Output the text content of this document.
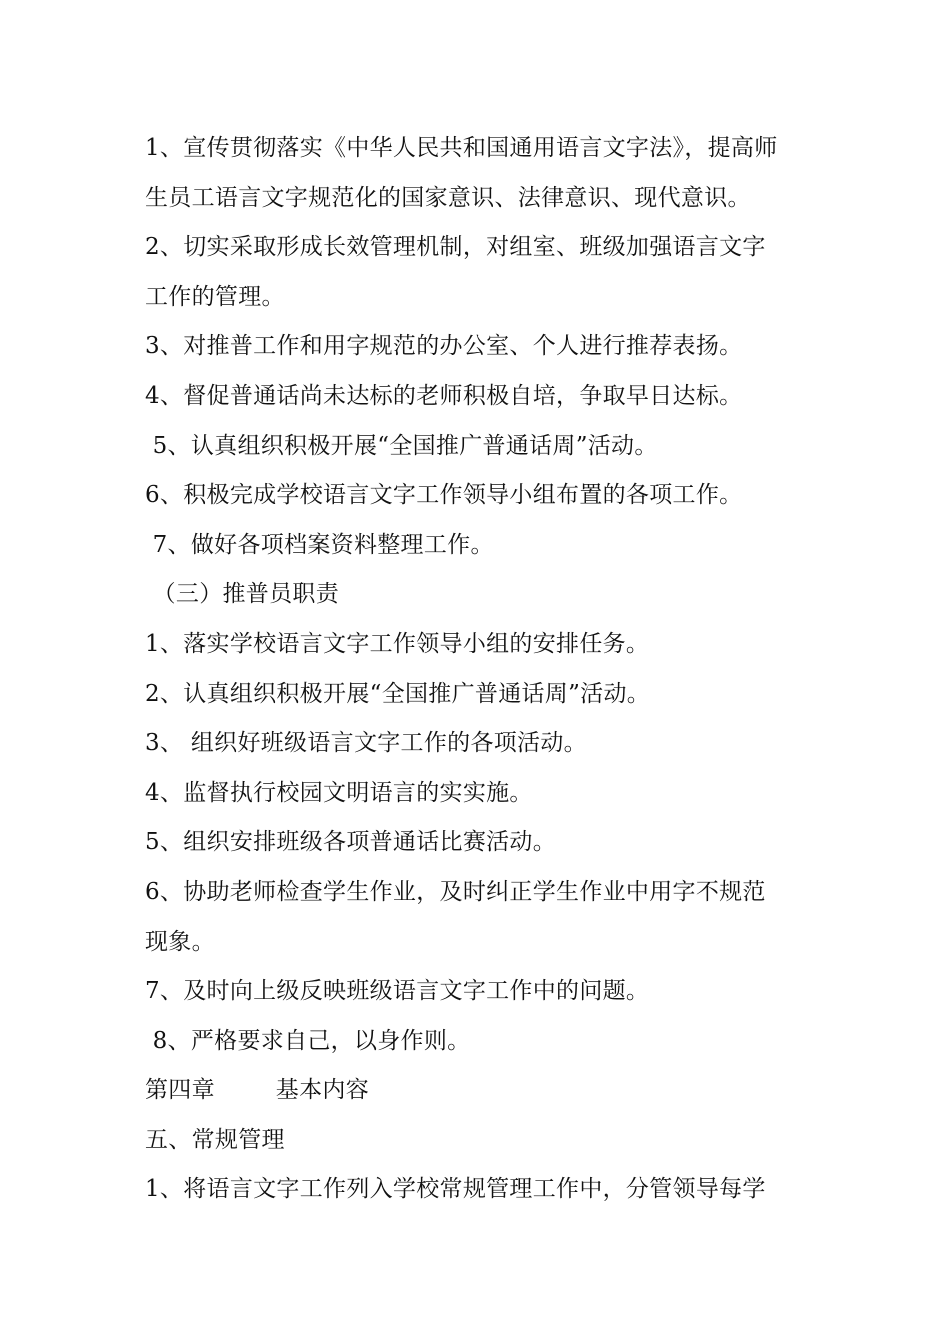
1、宣传贯彻落实《中华人民共和国通用语言文字法》，提高师
生员工语言文字规范化的国家意识、法律意识、现代意识。
2、切实采取形成长效管理机制，对组室、班级加强语言文字
工作的管理。
3、对推普工作和用字规范的办公室、个人进行推荐表扬。
4、督促普通话尚未达标的老师积极自培，争取早日达标。
5、认真组织积极开展“全国推广普通话周”活动。
6、积极完成学校语言文字工作领导小组布置的各项工作。
7、做好各项档案资料整理工作。
（三）推普员职责
1、落实学校语言文字工作领导小组的安排任务。
2、认真组织积极开展“全国推广普通话周”活动。
3、 组织好班级语言文字工作的各项活动。
4、监督执行校园文明语言的实实施。
5、组织安排班级各项普通话比赛活动。
6、协助老师检查学生作业，及时纠正学生作业中用字不规范
现象。
7、及时向上级反映班级语言文字工作中的问题。
8、严格要求自己，以身作则。
第四章        基本内容
五、常规管理
1、将语言文字工作列入学校常规管理工作中，分管领导每学
